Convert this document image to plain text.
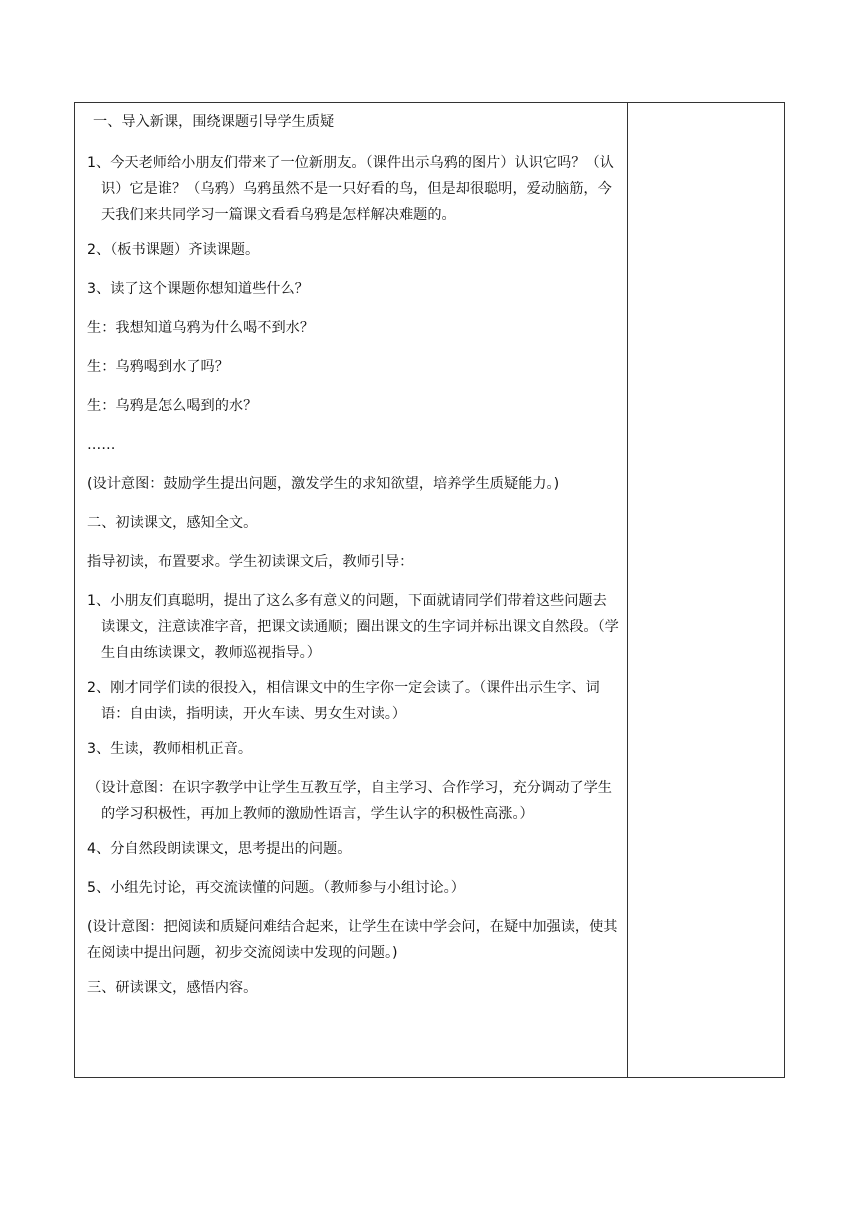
一、导入新课，围绕课题引导学生质疑

1、今天老师给小朋友们带来了一位新朋友。（课件出示乌鸦的图片）认识它吗？（认识）它是谁？（乌鸦）乌鸦虽然不是一只好看的鸟，但是却很聪明，爱动脑筋，今天我们来共同学习一篇课文看看乌鸦是怎样解决难题的。

2、（板书课题）齐读课题。

3、读了这个课题你想知道些什么？

生：我想知道乌鸦为什么喝不到水？

生：乌鸦喝到水了吗？

生：乌鸦是怎么喝到的水？

……

(设计意图：鼓励学生提出问题，激发学生的求知欲望，培养学生质疑能力。)

二、初读课文，感知全文。

指导初读，布置要求。学生初读课文后，教师引导：

1、小朋友们真聪明，提出了这么多有意义的问题，下面就请同学们带着这些问题去读课文，注意读准字音，把课文读通顺；圈出课文的生字词并标出课文自然段。（学生自由练读课文，教师巡视指导。）

2、刚才同学们读的很投入，相信课文中的生字你一定会读了。（课件出示生字、词语：自由读，指明读，开火车读、男女生对读。）

3、生读，教师相机正音。

（设计意图：在识字教学中让学生互教互学，自主学习、合作学习，充分调动了学生的学习积极性，再加上教师的激励性语言，学生认字的积极性高涨。）

4、分自然段朗读课文，思考提出的问题。

5、小组先讨论，再交流读懂的问题。（教师参与小组讨论。）

(设计意图：把阅读和质疑问难结合起来，让学生在读中学会问，在疑中加强读，使其在阅读中提出问题，初步交流阅读中发现的问题。)

三、研读课文，感悟内容。
